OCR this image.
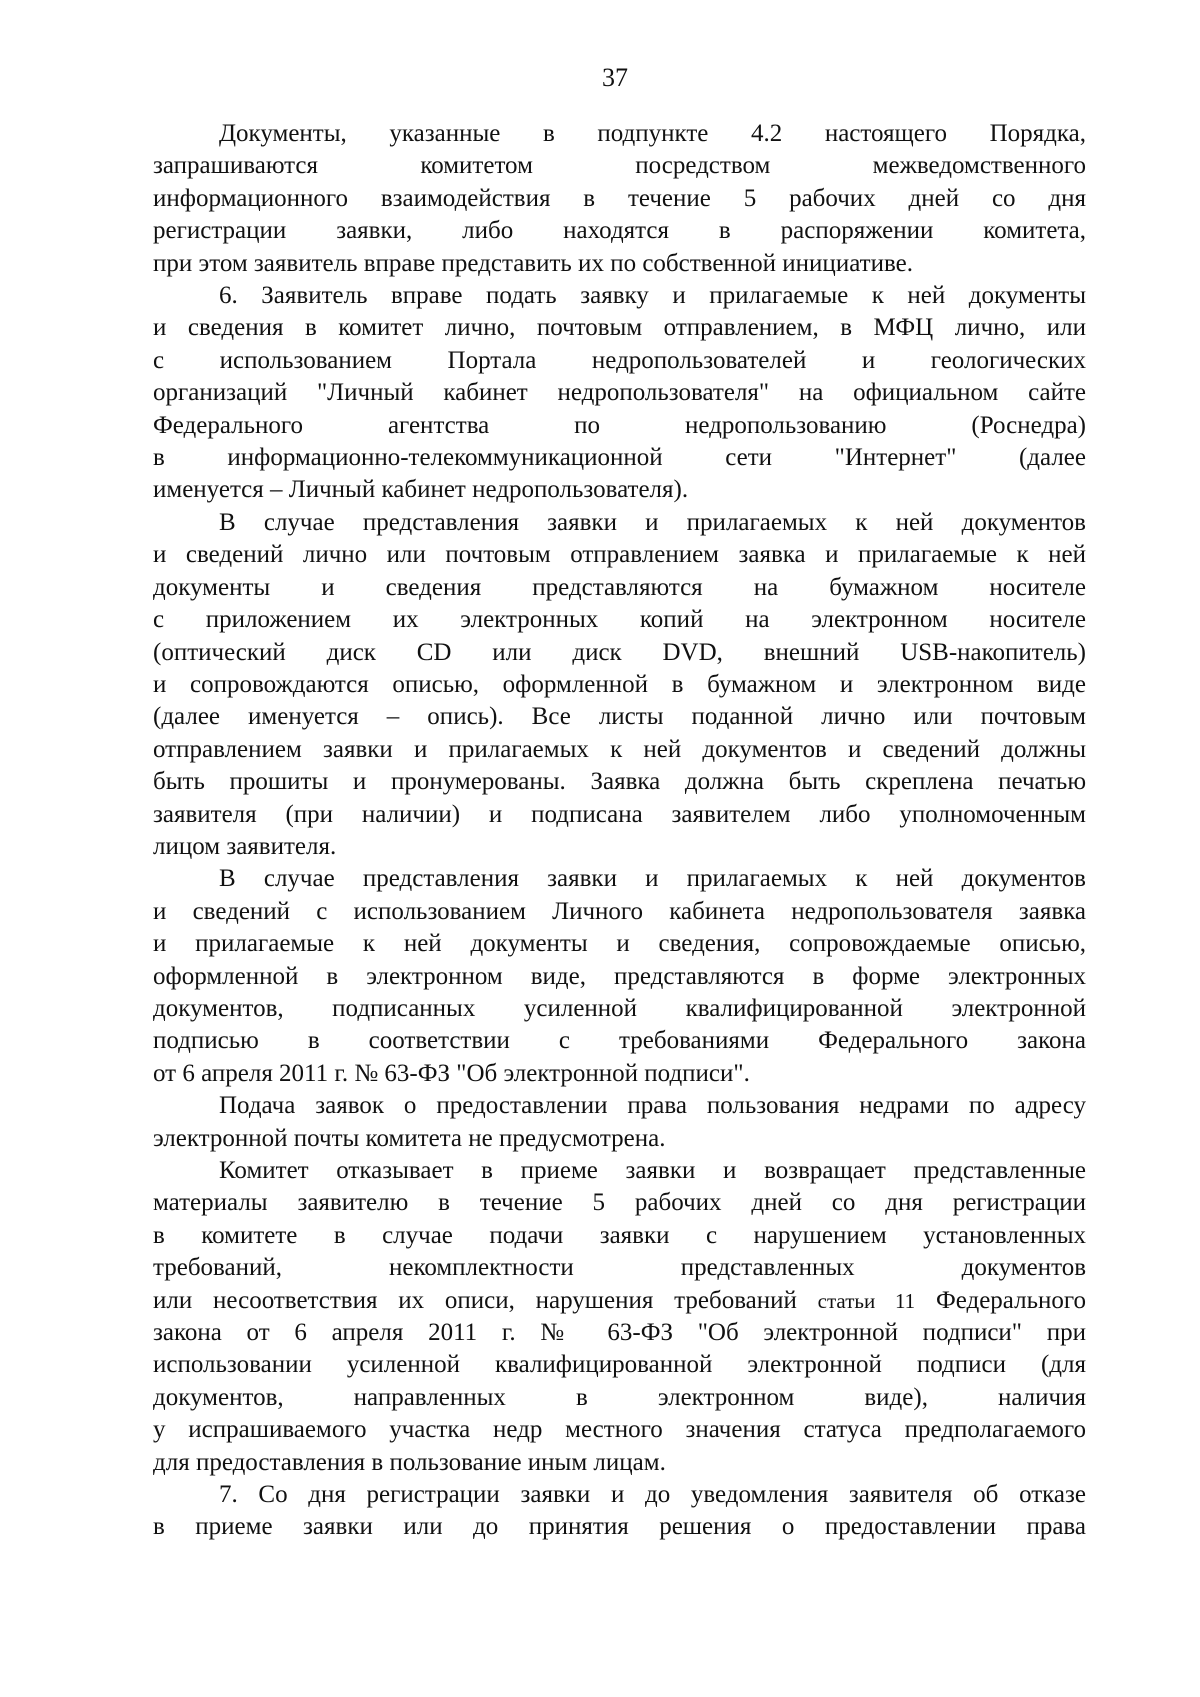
37
Документы, указанные в подпункте 4.2 настоящего Порядка,
запрашиваются комитетом посредством межведомственного
информационного взаимодействия в течение 5 рабочих дней со дня
регистрации заявки, либо находятся в распоряжении комитета,
при этом заявитель вправе представить их по собственной инициативе.
6. Заявитель вправе подать заявку и прилагаемые к ней документы
и сведения в комитет лично, почтовым отправлением, в МФЦ лично, или
с использованием Портала недропользователей и геологических
организаций "Личный кабинет недропользователя" на официальном сайте
Федерального агентства по недропользованию (Роснедра)
в информационно-телекоммуникационной сети "Интернет" (далее
именуется – Личный кабинет недропользователя).
В случае представления заявки и прилагаемых к ней документов
и сведений лично или почтовым отправлением заявка и прилагаемые к ней
документы и сведения представляются на бумажном носителе
с приложением их электронных копий на электронном носителе
(оптический диск CD или диск DVD, внешний USB-накопитель)
и сопровождаются описью, оформленной в бумажном и электронном виде
(далее именуется – опись). Все листы поданной лично или почтовым
отправлением заявки и прилагаемых к ней документов и сведений должны
быть прошиты и пронумерованы. Заявка должна быть скреплена печатью
заявителя (при наличии) и подписана заявителем либо уполномоченным
лицом заявителя.
В случае представления заявки и прилагаемых к ней документов
и сведений с использованием Личного кабинета недропользователя заявка
и прилагаемые к ней документы и сведения, сопровождаемые описью,
оформленной в электронном виде, представляются в форме электронных
документов, подписанных усиленной квалифицированной электронной
подписью в соответствии с требованиями Федерального закона
от 6 апреля 2011 г. № 63-ФЗ "Об электронной подписи".
Подача заявок о предоставлении права пользования недрами по адресу
электронной почты комитета не предусмотрена.
Комитет отказывает в приеме заявки и возвращает представленные
материалы заявителю в течение 5 рабочих дней со дня регистрации
в комитете в случае подачи заявки с нарушением установленных
требований, некомплектности представленных документов
или несоответствия их описи, нарушения требований статьи 11 Федерального
закона от 6 апреля 2011 г. № 63-ФЗ "Об электронной подписи" при
использовании усиленной квалифицированной электронной подписи (для
документов, направленных в электронном виде), наличия
у испрашиваемого участка недр местного значения статуса предполагаемого
для предоставления в пользование иным лицам.
7. Со дня регистрации заявки и до уведомления заявителя об отказе
в приеме заявки или до принятия решения о предоставлении права
